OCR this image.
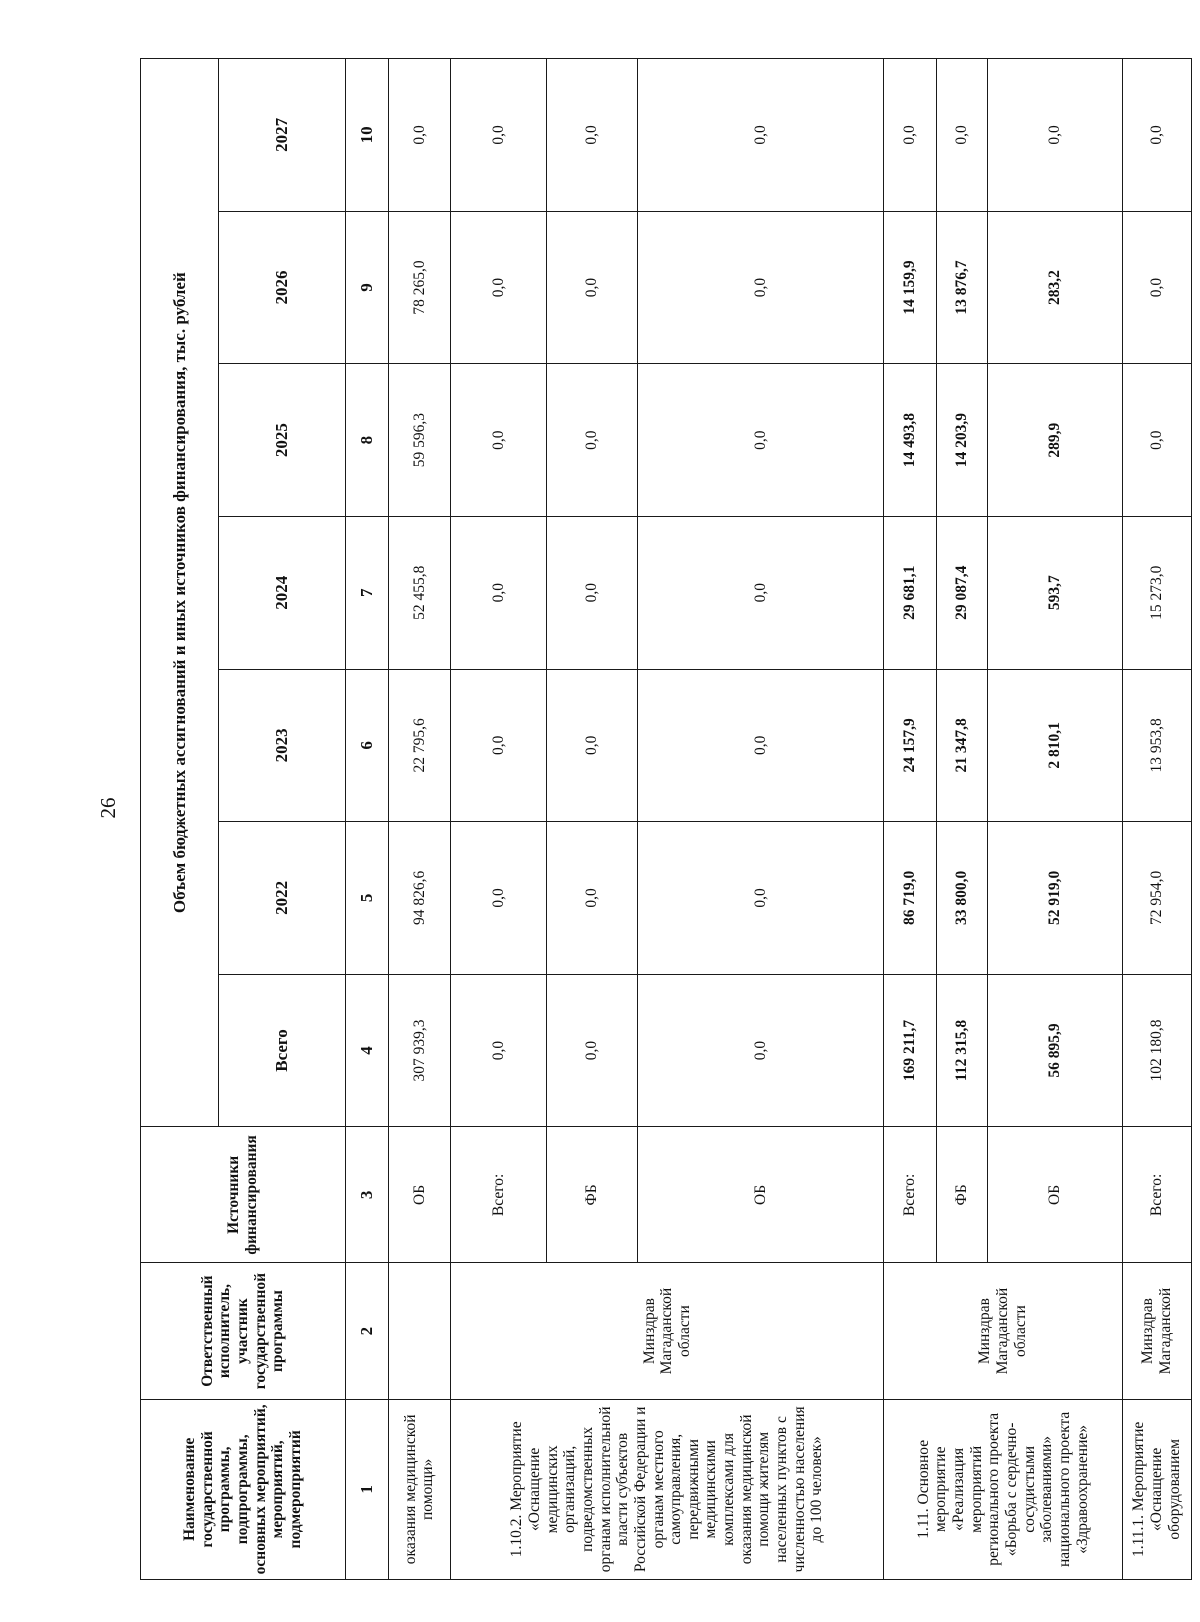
26
Наименование государственной программы, подпрограммы, основных мероприятий, мероприятий, подмероприятий	Ответственный исполнитель, участник государственной программы	Источники финансирования	Объем бюджетных ассигнований и иных источников финансирования, тыс. рублей						
			Всего	2022	2023	2024	2025	2026	2027
1	2	3	4	5	6	7	8	9	10
оказания медицинской помощи»		ОБ	307 939,3	94 826,6	22 795,6	52 455,8	59 596,3	78 265,0	0,0
1.10.2. Мероприятие «Оснащение медицинских организаций, подведомственных органам исполнительной власти субъектов Российской Федерации и органам местного самоуправления, передвижными медицинскими комплексами для оказания медицинской помощи жителям населенных пунктов с численностью населения до 100 человек»	Минздрав Магаданской области	Всего:	0,0	0,0	0,0	0,0	0,0	0,0	0,0
		ФБ	0,0	0,0	0,0	0,0	0,0	0,0	0,0
		ОБ	0,0	0,0	0,0	0,0	0,0	0,0	0,0
1.11. Основное мероприятие «Реализация мероприятий регионального проекта «Борьба с сердечно-сосудистыми заболеваниями» национального проекта «Здравоохранение»	Минздрав Магаданской области	Всего:	169 211,7	86 719,0	24 157,9	29 681,1	14 493,8	14 159,9	0,0
		ФБ	112 315,8	33 800,0	21 347,8	29 087,4	14 203,9	13 876,7	0,0
		ОБ	56 895,9	52 919,0	2 810,1	593,7	289,9	283,2	0,0
1.11.1. Мероприятие «Оснащение оборудованием	Минздрав Магаданской	Всего:	102 180,8	72 954,0	13 953,8	15 273,0	0,0	0,0	0,0
